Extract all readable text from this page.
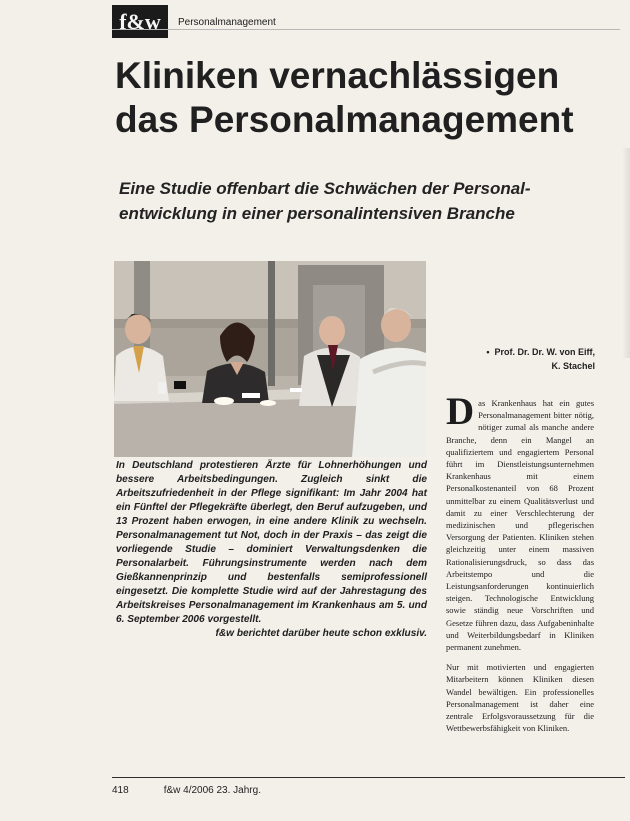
f&w	Personalmanagement
Kliniken vernachlässigen das Personalmanagement

Eine Studie offenbart die Schwächen der Personal- entwicklung in einer personalintensiven Branche

• Prof. Dr. Dr. W. von Eiff,
K. Stachel
In Deutschland protestieren Ärzte für Lohnerhöhungen und bessere Arbeitsbedingungen. Zugleich sinkt die Arbeitszufriedenheit in der Pflege signifikant: Im Jahr 2004 hat ein Fünftel der Pflegekräfte überlegt, den Beruf aufzugeben, und 13 Prozent haben erwogen, in eine andere Klinik zu wechseln. Personalmanagement tut Not, doch in der Praxis – das zeigt die vorliegende Studie – dominiert Verwaltungsdenken die Personalarbeit. Führungsinstrumente werden nach dem Gießkannenprinzip und bestenfalls semiprofessionell eingesetzt. Die komplette Studie wird auf der Jahrestagung des Arbeitskreises Personalmanagement im Krankenhaus am 5. und 6. September 2006 vorgestellt.
f&w berichtet darüber heute schon exklusiv.

Das Krankenhaus hat ein gutes Personalmanagement bitter nötig, nötiger zumal als manche andere Branche, denn ein Mangel an qualifiziertem und engagiertem Personal führt im Dienstleistungsunternehmen Krankenhaus mit einem Personalkostenanteil von 68 Prozent unmittelbar zu einem Qualitätsverlust und damit zu einer Verschlechterung der medizinischen und pflegerischen Versorgung der Patienten. Kliniken stehen gleichzeitig unter einem massiven Rationalisierungsdruck, so dass das Arbeitstempo und die Leistungsanforderungen kontinuierlich steigen. Technologische Entwicklung sowie ständig neue Vorschriften und Gesetze führen dazu, dass Aufgabeninhalte und Weiterbildungsbedarf in Kliniken permanent zunehmen.

Nur mit motivierten und engagierten Mitarbeitern können Kliniken diesen Wandel bewältigen. Ein professionelles Personalmanagement ist daher eine zentrale Erfolgsvoraussetzung für die Wettbewerbsfähigkeit von Kliniken.

418	f&w 4/2006 23. Jahrg.
